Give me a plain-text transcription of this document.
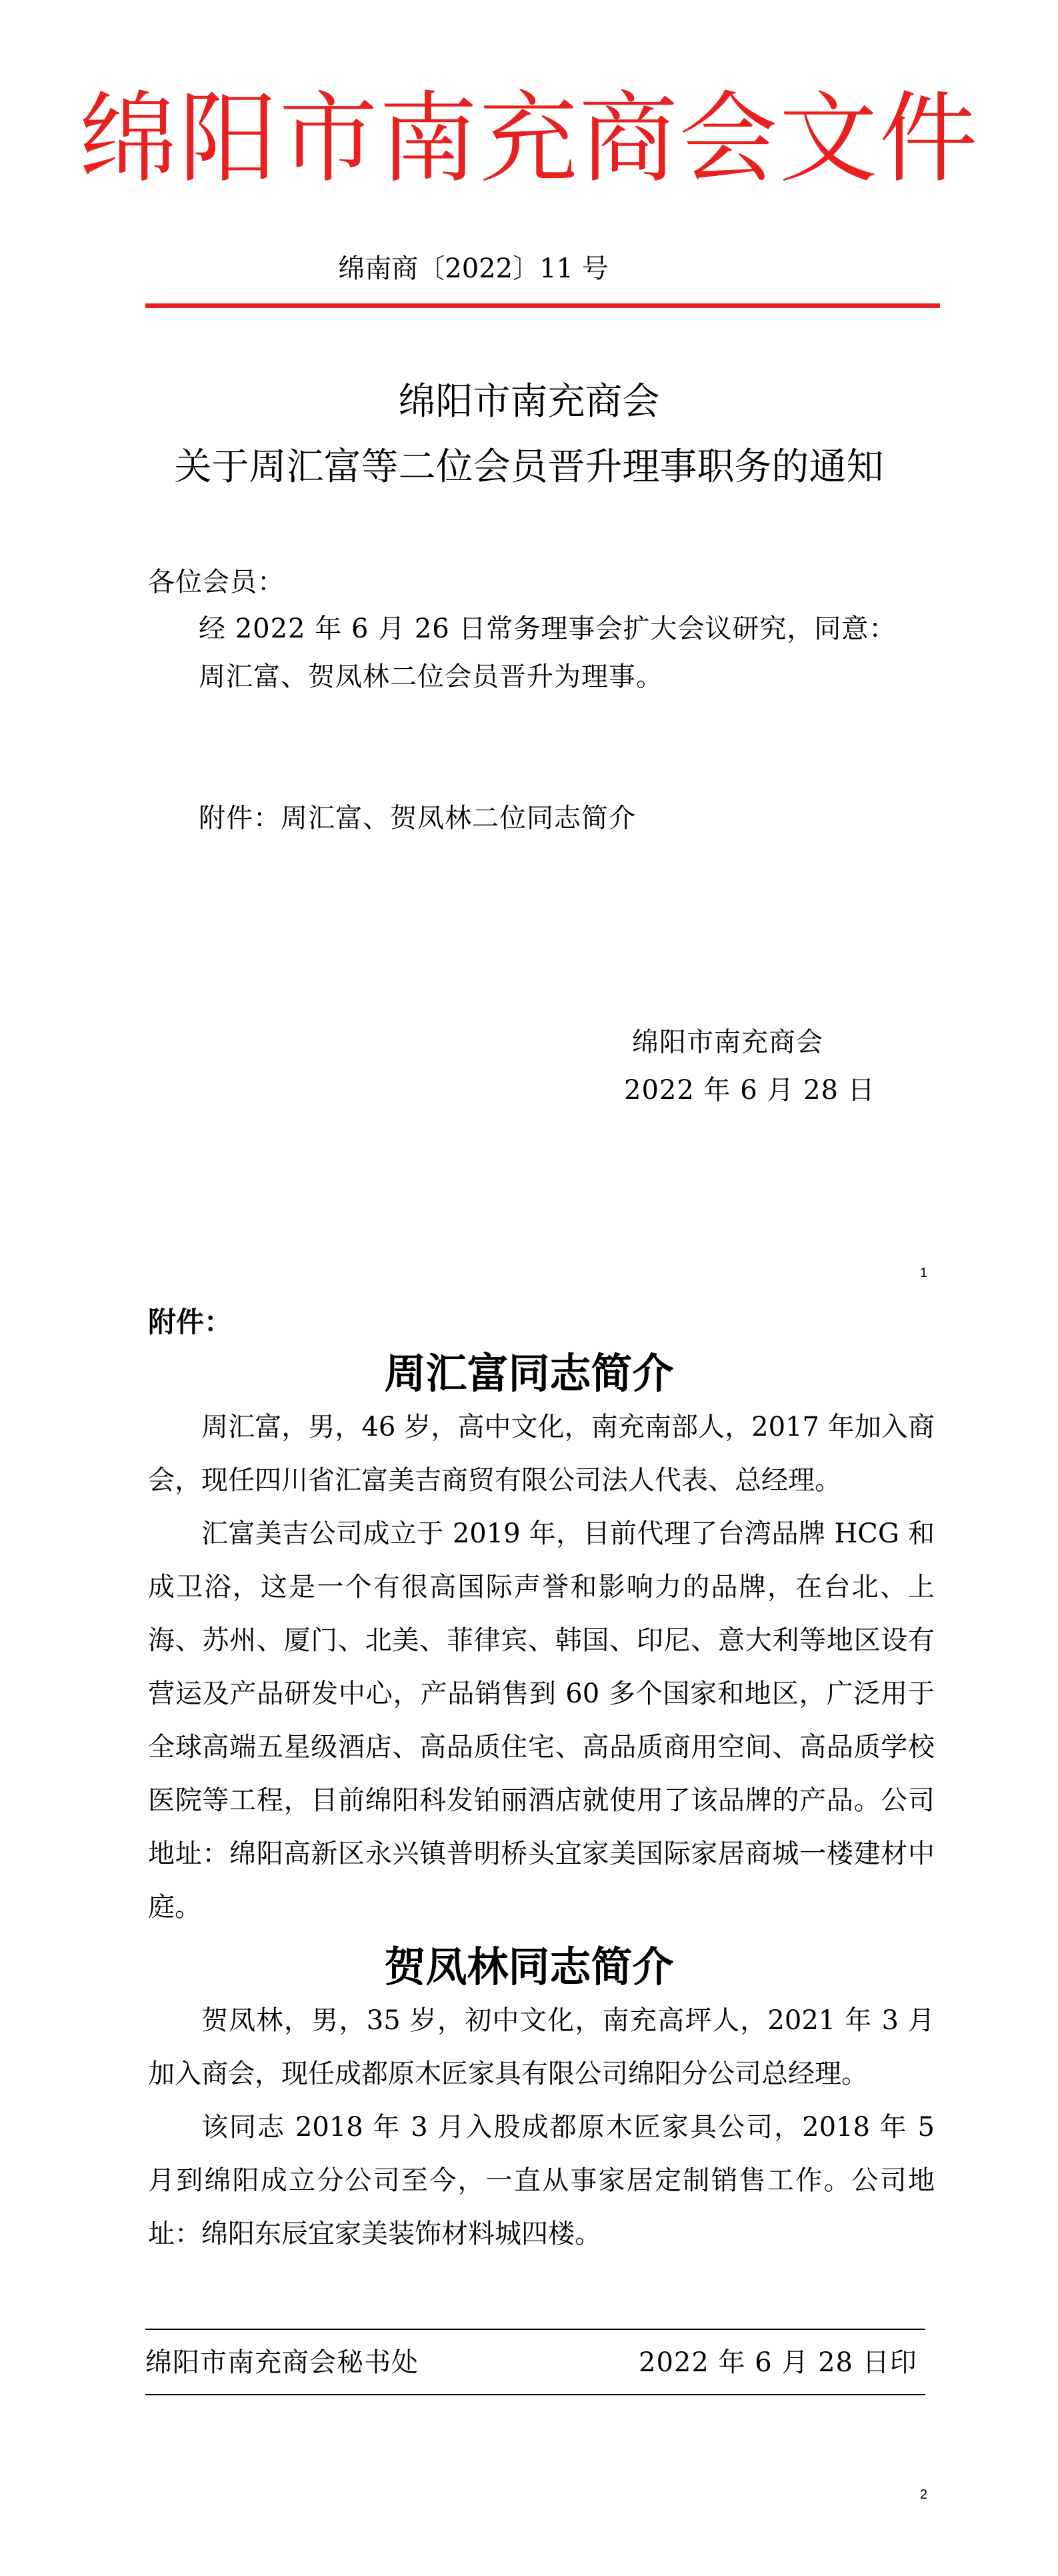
绵阳市南充商会文件
绵南商〔2022〕11 号
绵阳市南充商会
关于周汇富等二位会员晋升理事职务的通知
各位会员：
经 2022 年 6 月 26 日常务理事会扩大会议研究，同意：
周汇富、贺凤林二位会员晋升为理事。
附件：周汇富、贺凤林二位同志简介
绵阳市南充商会
2022 年 6 月 28 日
1
附件：
周汇富同志简介

周汇富，男，46 岁，高中文化，南充南部人，2017 年加入商会，现任四川省汇富美吉商贸有限公司法人代表、总经理。

汇富美吉公司成立于 2019 年，目前代理了台湾品牌 HCG 和成卫浴，这是一个有很高国际声誉和影响力的品牌，在台北、上海、苏州、厦门、北美、菲律宾、韩国、印尼、意大利等地区设有营运及产品研发中心，产品销售到 60 多个国家和地区，广泛用于全球高端五星级酒店、高品质住宅、高品质商用空间、高品质学校医院等工程，目前绵阳科发铂丽酒店就使用了该品牌的产品。公司地址：绵阳高新区永兴镇普明桥头宜家美国际家居商城一楼建材中庭。

贺凤林同志简介

贺凤林，男，35 岁，初中文化，南充高坪人，2021 年 3 月加入商会，现任成都原木匠家具有限公司绵阳分公司总经理。

该同志 2018 年 3 月入股成都原木匠家具公司，2018 年 5 月到绵阳成立分公司至今，一直从事家居定制销售工作。公司地址：绵阳东辰宜家美装饰材料城四楼。

绵阳市南充商会秘书处	2022 年 6 月 28 日印
2
